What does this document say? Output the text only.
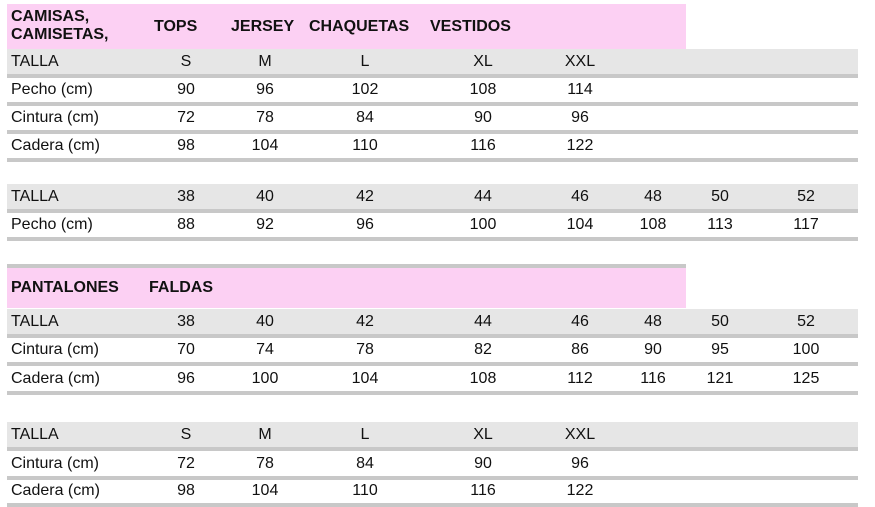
CAMISAS,
CAMISETAS,	TOPS JERSEY CHAQUETAS VESTIDOS
PANTALONES FALDAS
TALLA	S	M	L	XL	XXL
Pecho (cm)	90	96	102	108	114
Cintura (cm)	72	78	84	90	96
Cadera (cm)	98	104	110	116	122
TALLA	38	40	42	44	46	48	50	52
Pecho (cm)	88	92	96	100	104	108	113	117
TALLA	38	40	42	44	46	48	50	52
Cintura (cm)	70	74	78	82	86	90	95	100
Cadera (cm)	96	100	104	108	112	116	121	125
TALLA	S	M	L	XL	XXL
Cintura (cm)	72	78	84	90	96
Cadera (cm)	98	104	110	116	122
